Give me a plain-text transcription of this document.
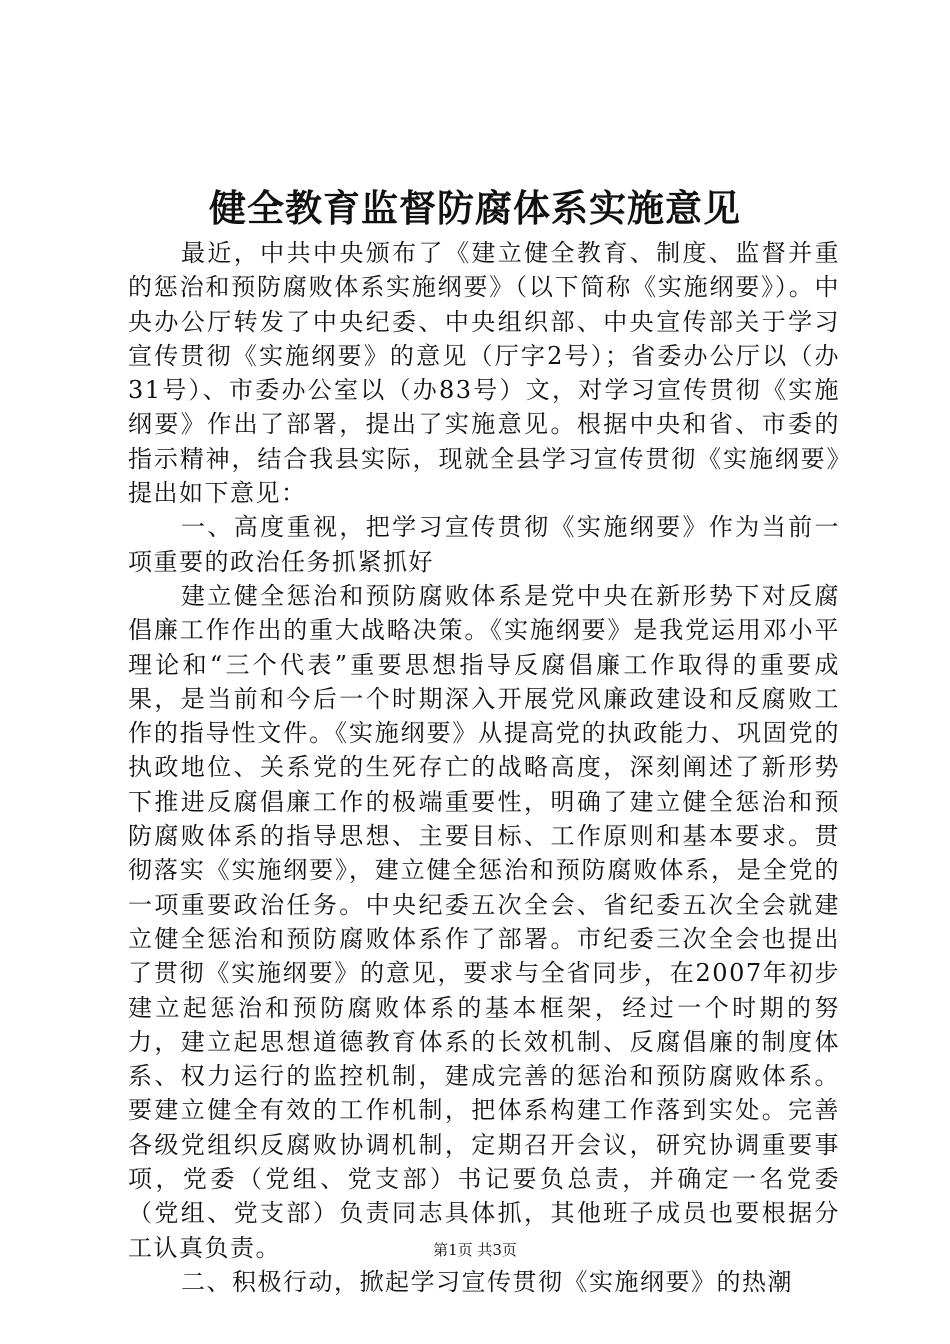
健全教育监督防腐体系实施意见

最近，中共中央颁布了《建立健全教育、制度、监督并重的惩治和预防腐败体系实施纲要》（以下简称《实施纲要》）。中央办公厅转发了中央纪委、中央组织部、中央宣传部关于学习宣传贯彻《实施纲要》的意见（厅字2号）；省委办公厅以（办31号）、市委办公室以（办83号）文，对学习宣传贯彻《实施纲要》作出了部署，提出了实施意见。根据中央和省、市委的指示精神，结合我县实际，现就全县学习宣传贯彻《实施纲要》提出如下意见：

一、高度重视，把学习宣传贯彻《实施纲要》作为当前一项重要的政治任务抓紧抓好

建立健全惩治和预防腐败体系是党中央在新形势下对反腐倡廉工作作出的重大战略决策。《实施纲要》是我党运用邓小平理论和“三个代表”重要思想指导反腐倡廉工作取得的重要成果，是当前和今后一个时期深入开展党风廉政建设和反腐败工作的指导性文件。《实施纲要》从提高党的执政能力、巩固党的执政地位、关系党的生死存亡的战略高度，深刻阐述了新形势下推进反腐倡廉工作的极端重要性，明确了建立健全惩治和预防腐败体系的指导思想、主要目标、工作原则和基本要求。贯彻落实《实施纲要》，建立健全惩治和预防腐败体系，是全党的一项重要政治任务。中央纪委五次全会、省纪委五次全会就建立健全惩治和预防腐败体系作了部署。市纪委三次全会也提出了贯彻《实施纲要》的意见，要求与全省同步，在2007年初步建立起惩治和预防腐败体系的基本框架，经过一个时期的努力，建立起思想道德教育体系的长效机制、反腐倡廉的制度体系、权力运行的监控机制，建成完善的惩治和预防腐败体系。要建立健全有效的工作机制，把体系构建工作落到实处。完善各级党组织反腐败协调机制，定期召开会议，研究协调重要事项，党委（党组、党支部）书记要负总责，并确定一名党委（党组、党支部）负责同志具体抓，其他班子成员也要根据分工认真负责。

二、积极行动，掀起学习宣传贯彻《实施纲要》的热潮

第1页 共3页
